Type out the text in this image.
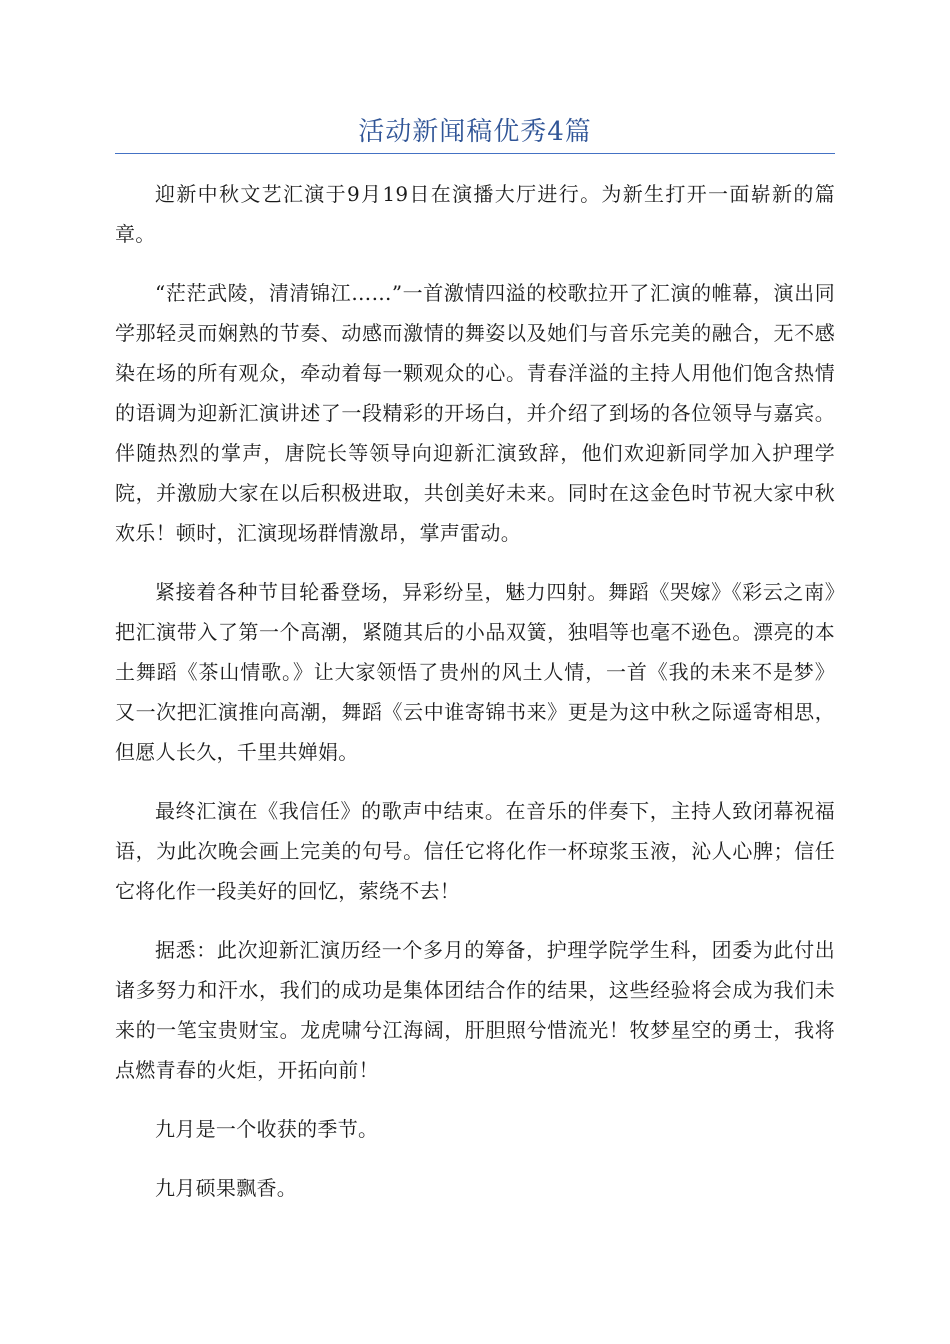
活动新闻稿优秀4篇

迎新中秋文艺汇演于9月19日在演播大厅进行。为新生打开一面崭新的篇章。

“茫茫武陵，清清锦江……”一首激情四溢的校歌拉开了汇演的帷幕，演出同学那轻灵而娴熟的节奏、动感而激情的舞姿以及她们与音乐完美的融合，无不感染在场的所有观众，牵动着每一颗观众的心。青春洋溢的主持人用他们饱含热情的语调为迎新汇演讲述了一段精彩的开场白，并介绍了到场的各位领导与嘉宾。伴随热烈的掌声，唐院长等领导向迎新汇演致辞，他们欢迎新同学加入护理学院，并激励大家在以后积极进取，共创美好未来。同时在这金色时节祝大家中秋欢乐！顿时，汇演现场群情激昂，掌声雷动。

紧接着各种节目轮番登场，异彩纷呈，魅力四射。舞蹈《哭嫁》《彩云之南》把汇演带入了第一个高潮，紧随其后的小品双簧，独唱等也毫不逊色。漂亮的本土舞蹈《茶山情歌。》让大家领悟了贵州的风土人情，一首《我的未来不是梦》又一次把汇演推向高潮，舞蹈《云中谁寄锦书来》更是为这中秋之际遥寄相思，但愿人长久，千里共婵娟。

最终汇演在《我信任》的歌声中结束。在音乐的伴奏下，主持人致闭幕祝福语，为此次晚会画上完美的句号。信任它将化作一杯琼浆玉液，沁人心脾；信任它将化作一段美好的回忆，萦绕不去！

据悉：此次迎新汇演历经一个多月的筹备，护理学院学生科，团委为此付出诸多努力和汗水，我们的成功是集体团结合作的结果，这些经验将会成为我们未来的一笔宝贵财宝。龙虎啸兮江海阔，肝胆照兮惜流光！牧梦星空的勇士，我将点燃青春的火炬，开拓向前！

九月是一个收获的季节。

九月硕果飘香。
